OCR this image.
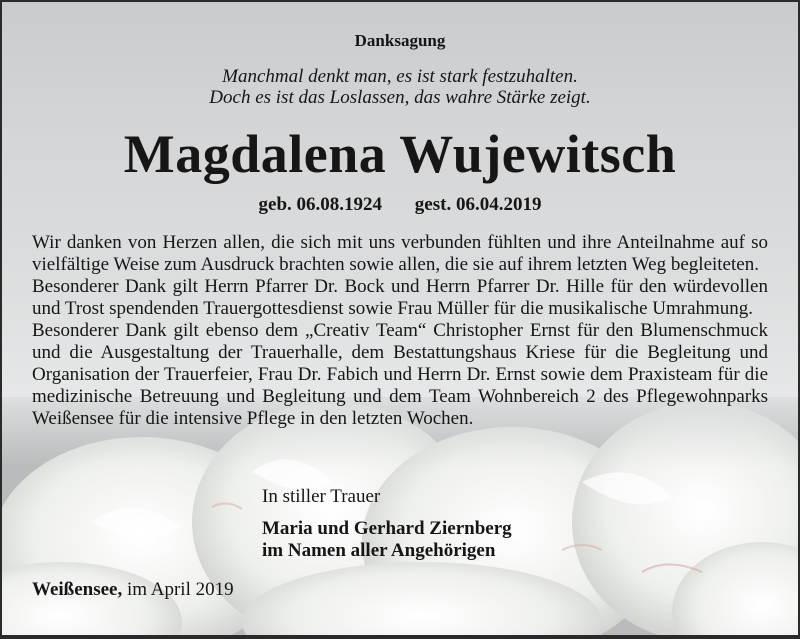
Danksagung
Manchmal denkt man, es ist stark festzuhalten.
Doch es ist das Loslassen, das wahre Stärke zeigt.
Magdalena Wujewitsch
geb. 06.08.1924 gest. 06.04.2019

Wir danken von Herzen allen, die sich mit uns verbunden fühlten und ihre Anteilnahme auf so vielfältige Weise zum Ausdruck brachten sowie allen, die sie auf ihrem letzten Weg begleiteten.

Besonderer Dank gilt Herrn Pfarrer Dr. Bock und Herrn Pfarrer Dr. Hille für den würdevollen und Trost spendenden Trauergottesdienst sowie Frau Müller für die musikalische Umrahmung.

Besonderer Dank gilt ebenso dem „Creativ Team“ Christopher Ernst für den Blumenschmuck und die Ausgestaltung der Trauerhalle, dem Bestattungshaus Kriese für die Begleitung und Organisation der Trauerfeier, Frau Dr. Fabich und Herrn Dr. Ernst sowie dem Praxisteam für die medizinische Betreuung und Begleitung und dem Team Wohnbereich 2 des Pflegewohnparks Weißensee für die intensive Pflege in den letzten Wochen.

In stiller Trauer
Maria und Gerhard Ziernberg
im Namen aller Angehörigen
Weißensee, im April 2019
